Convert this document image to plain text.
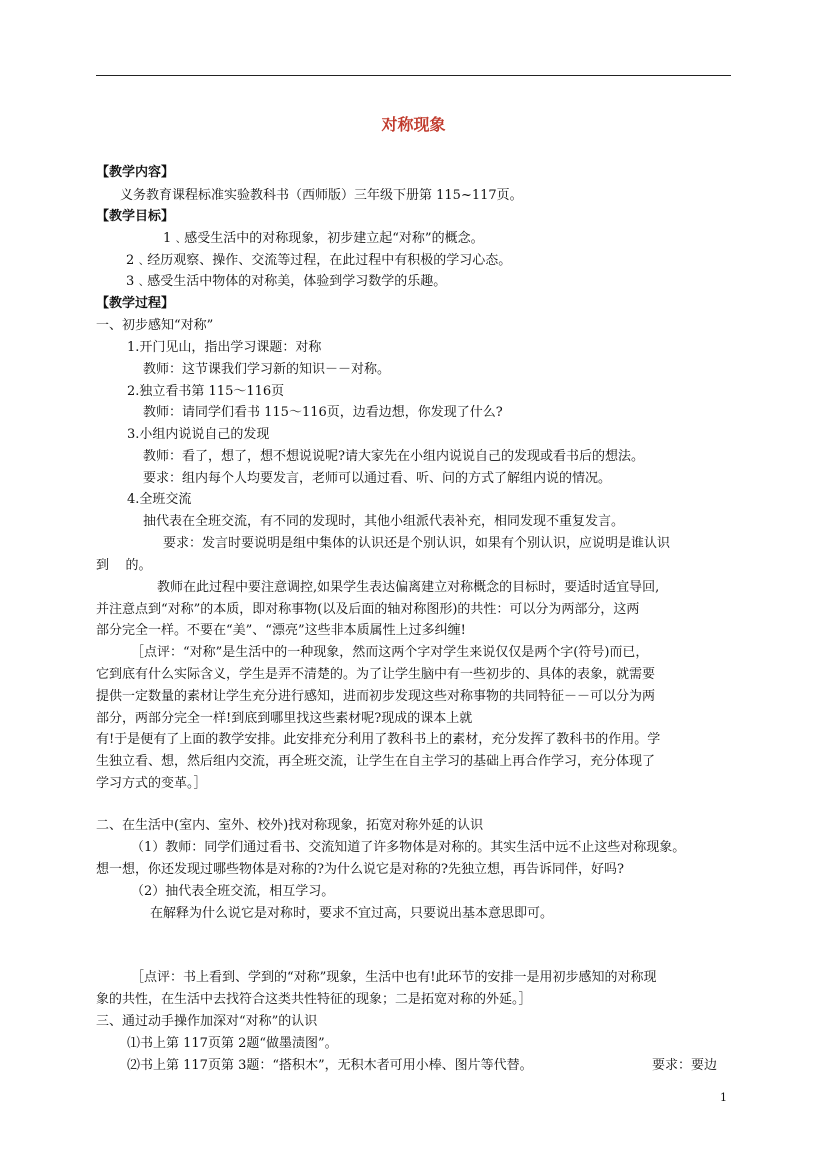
对称现象
【教学内容】
义务教育课程标准实验教科书（西师版）三年级下册第 115~117页。
【教学目标】
1﹑感受生活中的对称现象，初步建立起“对称”的概念。
2﹑经历观察、操作、交流等过程，在此过程中有积极的学习心态。
3﹑感受生活中物体的对称美，体验到学习数学的乐趣。
【教学过程】
一、初步感知“对称”
1.开门见山，指出学习课题：对称
教师：这节课我们学习新的知识－－对称。
2.独立看书第 115～116页
教师：请同学们看书 115～116页，边看边想，你发现了什么?
3.小组内说说自己的发现
教师：看了，想了，想不想说说呢?请大家先在小组内说说自己的发现或看书后的想法。
要求：组内每个人均要发言，老师可以通过看、听、问的方式了解组内说的情况。
4.全班交流
抽代表在全班交流，有不同的发现时，其他小组派代表补充，相同发现不重复发言。
要求：发言时要说明是组中集体的认识还是个别认识，如果有个别认识，应说明是谁认识
到    的。
教师在此过程中要注意调控,如果学生表达偏离建立对称概念的目标时，要适时适宜导回,
并注意点到“对称”的本质，即对称事物(以及后面的轴对称图形)的共性：可以分为两部分，这两
部分完全一样。不要在“美”、“漂亮”这些非本质属性上过多纠缠!
［点评：“对称”是生活中的一种现象，然而这两个字对学生来说仅仅是两个字(符号)而已，
它到底有什么实际含义，学生是弄不清楚的。为了让学生脑中有一些初步的、具体的表象，就需要
提供一定数量的素材让学生充分进行感知，进而初步发现这些对称事物的共同特征－－可以分为两
部分，两部分完全一样!到底到哪里找这些素材呢?现成的课本上就
有!于是便有了上面的教学安排。此安排充分利用了教科书上的素材，充分发挥了教科书的作用。学
生独立看、想，然后组内交流，再全班交流，让学生在自主学习的基础上再合作学习，充分体现了
学习方式的变革。］
二、在生活中(室内、室外、校外)找对称现象，拓宽对称外延的认识
（1）教师：同学们通过看书、交流知道了许多物体是对称的。其实生活中远不止这些对称现象。
想一想，你还发现过哪些物体是对称的?为什么说它是对称的?先独立想，再告诉同伴，好吗?
（2）抽代表全班交流，相互学习。
在解释为什么说它是对称时，要求不宜过高，只要说出基本意思即可。
［点评：书上看到、学到的“对称”现象，生活中也有!此环节的安排一是用初步感知的对称现
象的共性，在生活中去找符合这类共性特征的现象；二是拓宽对称的外延。］
三、通过动手操作加深对“对称”的认识
⑴书上第 117页第 2题“做墨渍图”。
⑵书上第 117页第 3题：“搭积木”，无积木者可用小棒、图片等代替。	要求：要边
1
